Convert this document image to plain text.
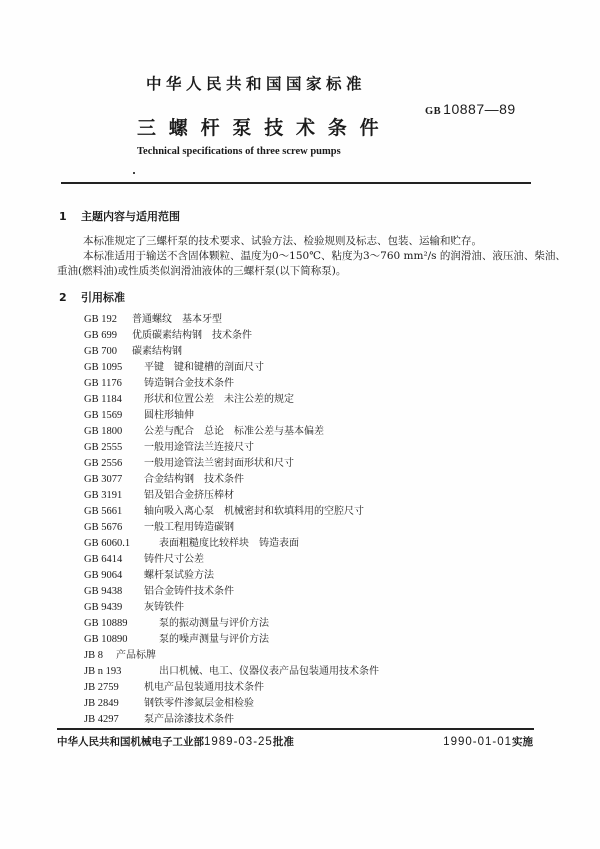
中华人民共和国国家标准
GB 10887—89
三螺杆泵技术条件
Technical specifications of three screw pumps
1 主题内容与适用范围
本标准规定了三螺杆泵的技术要求、试验方法、检验规则及标志、包装、运输和贮存。
本标准适用于输送不含固体颗粒、温度为0～150℃、粘度为3～760 mm²/s 的润滑油、液压油、柴油、
重油(燃料油)或性质类似润滑油液体的三螺杆泵(以下简称泵)。
2 引用标准
GB 192 普通螺纹　基本牙型
GB 699 优质碳素结构钢　技术条件
GB 700 碳素结构钢
GB 1095 平键　键和键槽的剖面尺寸
GB 1176 铸造铜合金技术条件
GB 1184 形状和位置公差　未注公差的规定
GB 1569 圆柱形轴伸
GB 1800 公差与配合　总论　标准公差与基本偏差
GB 2555 一般用途管法兰连接尺寸
GB 2556 一般用途管法兰密封面形状和尺寸
GB 3077 合金结构钢　技术条件
GB 3191 铝及铝合金挤压棒材
GB 5661 轴向吸入离心泵　机械密封和软填料用的空腔尺寸
GB 5676 一般工程用铸造碳钢
GB 6060.1	表面粗糙度比较样块　铸造表面
GB 6414 铸件尺寸公差
GB 9064 螺杆泵试验方法
GB 9438 铝合金铸件技术条件
GB 9439 灰铸铁件
GB 10889	泵的振动测量与评价方法
GB 10890	泵的噪声测量与评价方法
JB 8 产品标牌
JB n 193	出口机械、电工、仪器仪表产品包装通用技术条件
JB 2759	机电产品包装通用技术条件
JB 2849	钢铁零件渗氮层金相检验
JB 4297	泵产品涂漆技术条件
中华人民共和国机械电子工业部1989-03-25批准	1990-01-01实施
